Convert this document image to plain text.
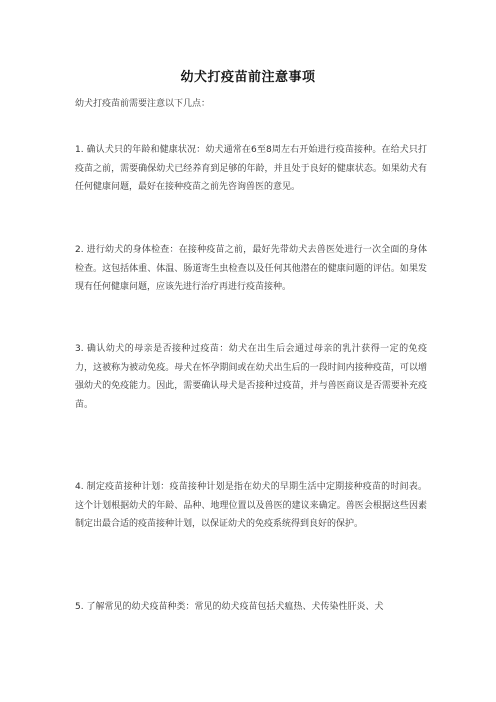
幼犬打疫苗前注意事项
幼犬打疫苗前需要注意以下几点：
1. 确认犬只的年龄和健康状况：幼犬通常在6至8周左右开始进行疫苗接种。在给犬只打疫苗之前，需要确保幼犬已经养育到足够的年龄，并且处于良好的健康状态。如果幼犬有任何健康问题，最好在接种疫苗之前先咨询兽医的意见。
2. 进行幼犬的身体检查：在接种疫苗之前，最好先带幼犬去兽医处进行一次全面的身体检查。这包括体重、体温、肠道寄生虫检查以及任何其他潜在的健康问题的评估。如果发现有任何健康问题，应该先进行治疗再进行疫苗接种。
3. 确认幼犬的母亲是否接种过疫苗：幼犬在出生后会通过母亲的乳汁获得一定的免疫力，这被称为被动免疫。母犬在怀孕期间或在幼犬出生后的一段时间内接种疫苗，可以增强幼犬的免疫能力。因此，需要确认母犬是否接种过疫苗，并与兽医商议是否需要补充疫苗。
4. 制定疫苗接种计划：疫苗接种计划是指在幼犬的早期生活中定期接种疫苗的时间表。这个计划根据幼犬的年龄、品种、地理位置以及兽医的建议来确定。兽医会根据这些因素制定出最合适的疫苗接种计划，以保证幼犬的免疫系统得到良好的保护。
5. 了解常见的幼犬疫苗种类：常见的幼犬疫苗包括犬瘟热、犬传染性肝炎、犬
